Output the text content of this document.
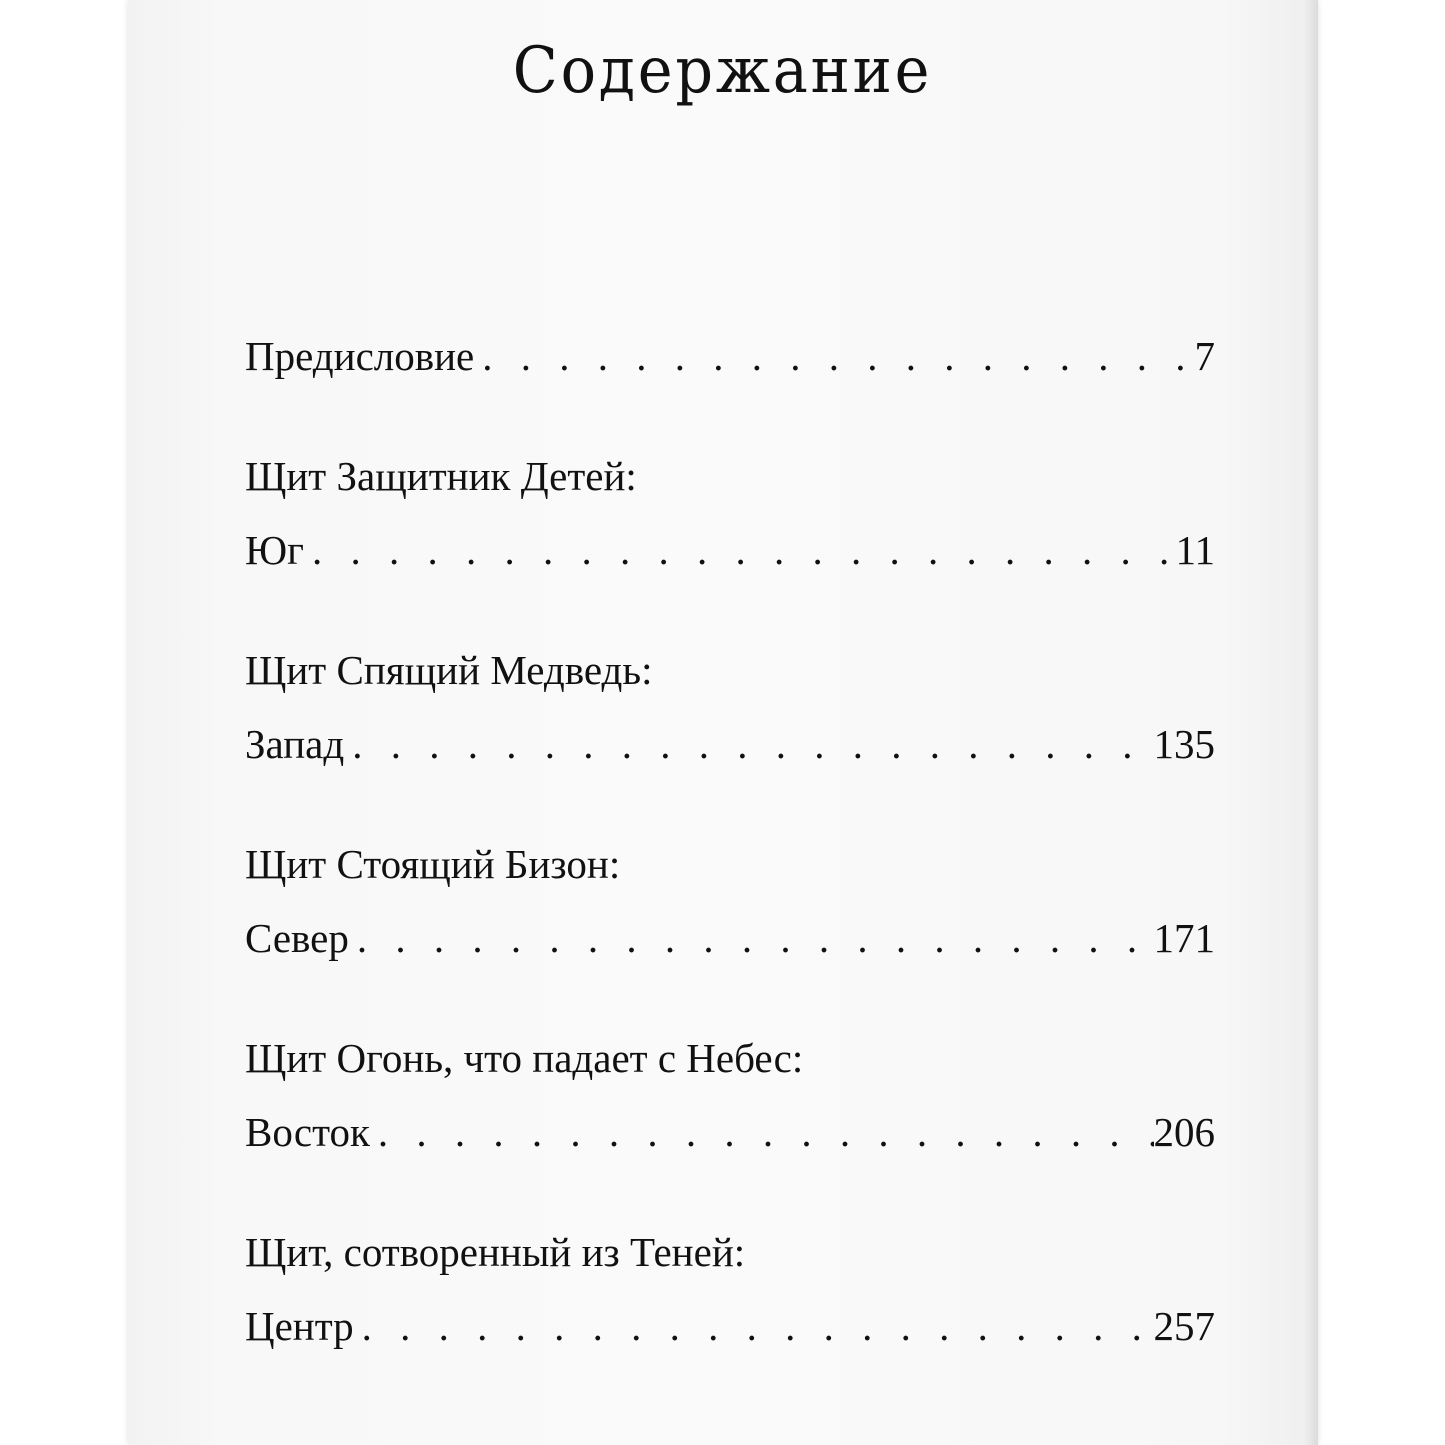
Содержание
Предисловие . . .	7
Щит Защитник Детей:
Юг . . .	11
Щит Спящий Медведь:
Запад . . .	135
Щит Стоящий Бизон:
Север . . .	171
Щит Огонь, что падает с Небес:
Восток . . .	206
Щит, сотворенный из Теней:
Центр . . .	257
